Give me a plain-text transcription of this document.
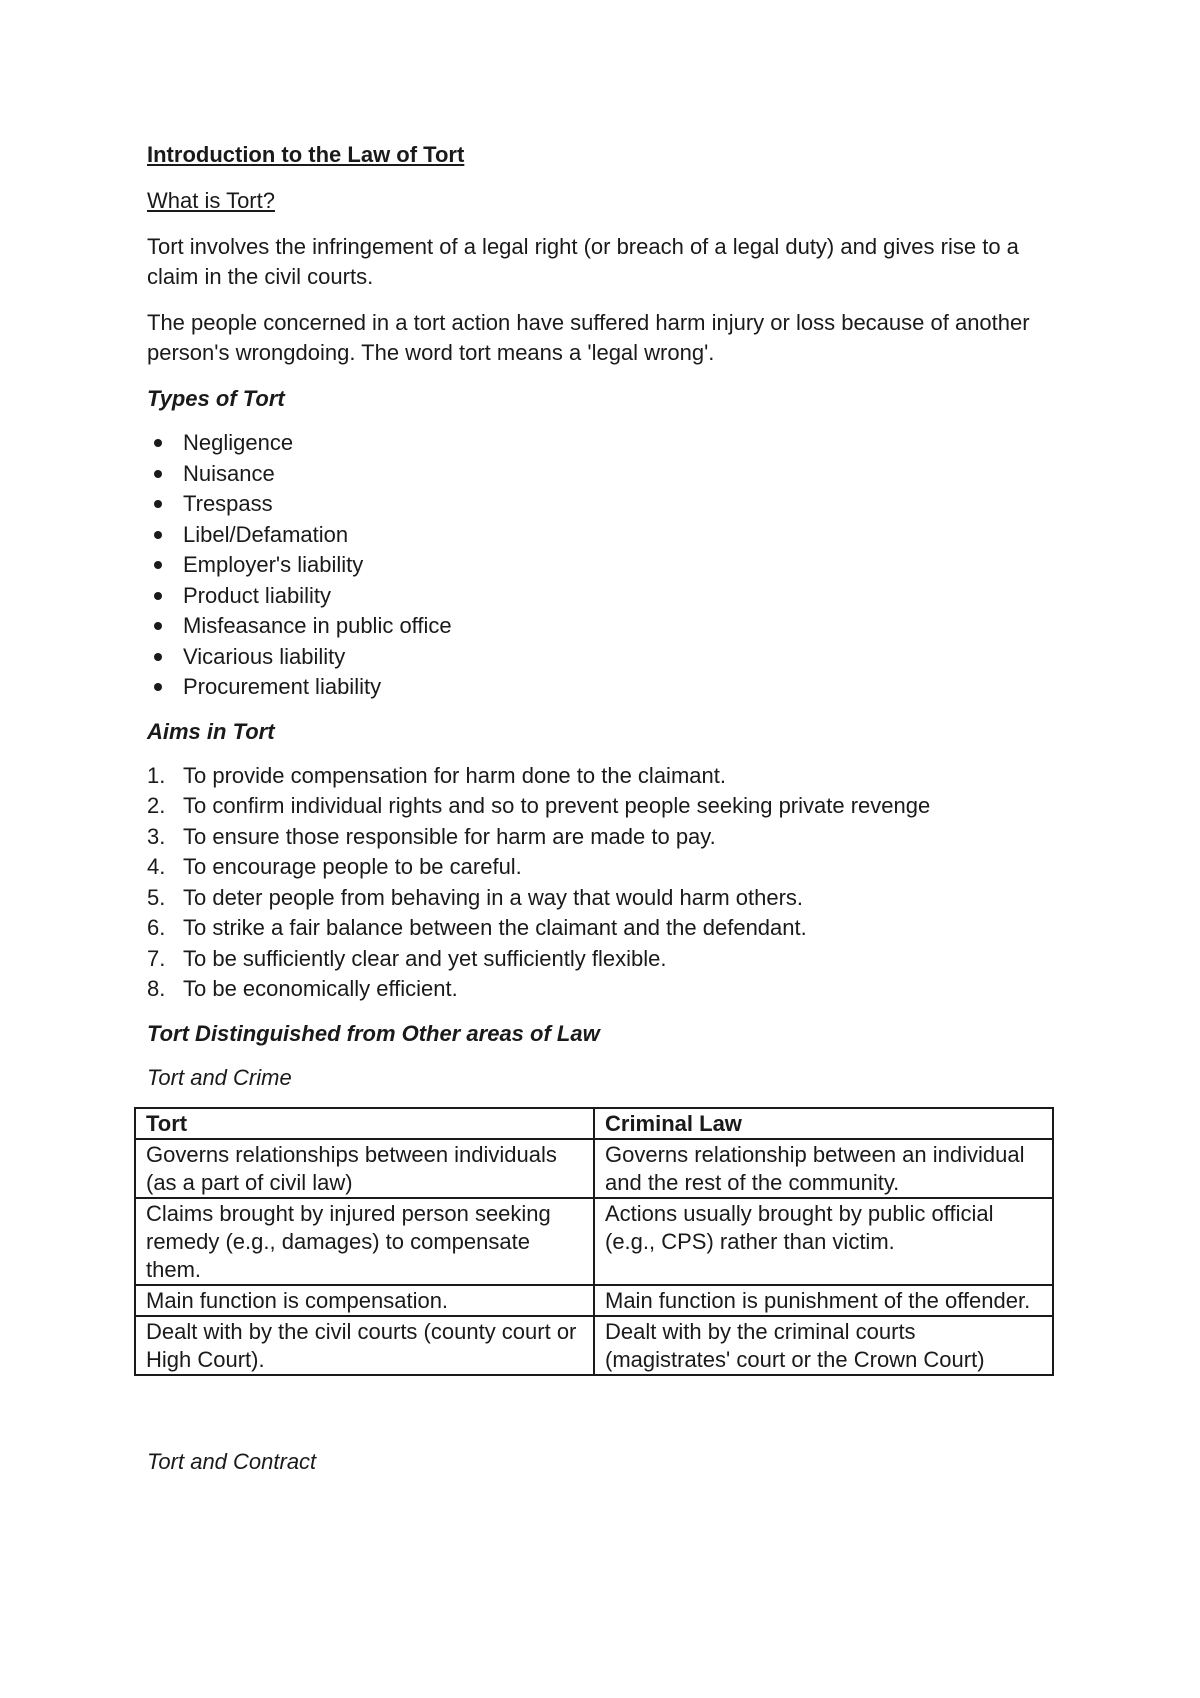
Introduction to the Law of Tort
What is Tort?

Tort involves the infringement of a legal right (or breach of a legal duty) and gives rise to a claim in the civil courts.

The people concerned in a tort action have suffered harm injury or loss because of another person's wrongdoing. The word tort means a 'legal wrong'.

Types of Tort
Negligence
Nuisance
Trespass
Libel/Defamation
Employer's liability
Product liability
Misfeasance in public office
Vicarious liability
Procurement liability
Aims in Tort
1. To provide compensation for harm done to the claimant.
2. To confirm individual rights and so to prevent people seeking private revenge
3. To ensure those responsible for harm are made to pay.
4. To encourage people to be careful.
5. To deter people from behaving in a way that would harm others.
6. To strike a fair balance between the claimant and the defendant.
7. To be sufficiently clear and yet sufficiently flexible.
8. To be economically efficient.
Tort Distinguished from Other areas of Law
Tort and Crime
Tort	Criminal Law
Governs relationships between individuals (as a part of civil law)	Governs relationship between an individual and the rest of the community.
Claims brought by injured person seeking remedy (e.g., damages) to compensate them.	Actions usually brought by public official (e.g., CPS) rather than victim.
Main function is compensation.	Main function is punishment of the offender.
Dealt with by the civil courts (county court or High Court).	Dealt with by the criminal courts (magistrates' court or the Crown Court)
Tort and Contract
